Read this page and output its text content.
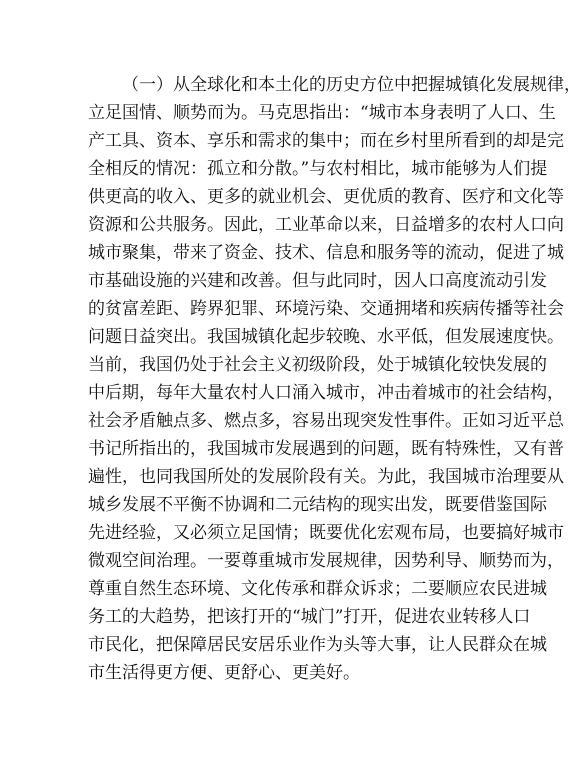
（一）从全球化和本土化的历史方位中把握城镇化发展规律，
立足国情、顺势而为。马克思指出：“城市本身表明了人口、生
产工具、资本、享乐和需求的集中；而在乡村里所看到的却是完
全相反的情况：孤立和分散。”与农村相比，城市能够为人们提
供更高的收入、更多的就业机会、更优质的教育、医疗和文化等
资源和公共服务。因此，工业革命以来，日益增多的农村人口向
城市聚集，带来了资金、技术、信息和服务等的流动，促进了城
市基础设施的兴建和改善。但与此同时，因人口高度流动引发
的贫富差距、跨界犯罪、环境污染、交通拥堵和疾病传播等社会
问题日益突出。我国城镇化起步较晚、水平低，但发展速度快。
当前，我国仍处于社会主义初级阶段，处于城镇化较快发展的
中后期，每年大量农村人口涌入城市，冲击着城市的社会结构，
社会矛盾触点多、燃点多，容易出现突发性事件。正如习近平总
书记所指出的，我国城市发展遇到的问题，既有特殊性，又有普
遍性，也同我国所处的发展阶段有关。为此，我国城市治理要从
城乡发展不平衡不协调和二元结构的现实出发，既要借鉴国际
先进经验，又必须立足国情；既要优化宏观布局，也要搞好城市
微观空间治理。一要尊重城市发展规律，因势利导、顺势而为，
尊重自然生态环境、文化传承和群众诉求；二要顺应农民进城
务工的大趋势，把该打开的“城门”打开，促进农业转移人口
市民化，把保障居民安居乐业作为头等大事，让人民群众在城
市生活得更方便、更舒心、更美好。
